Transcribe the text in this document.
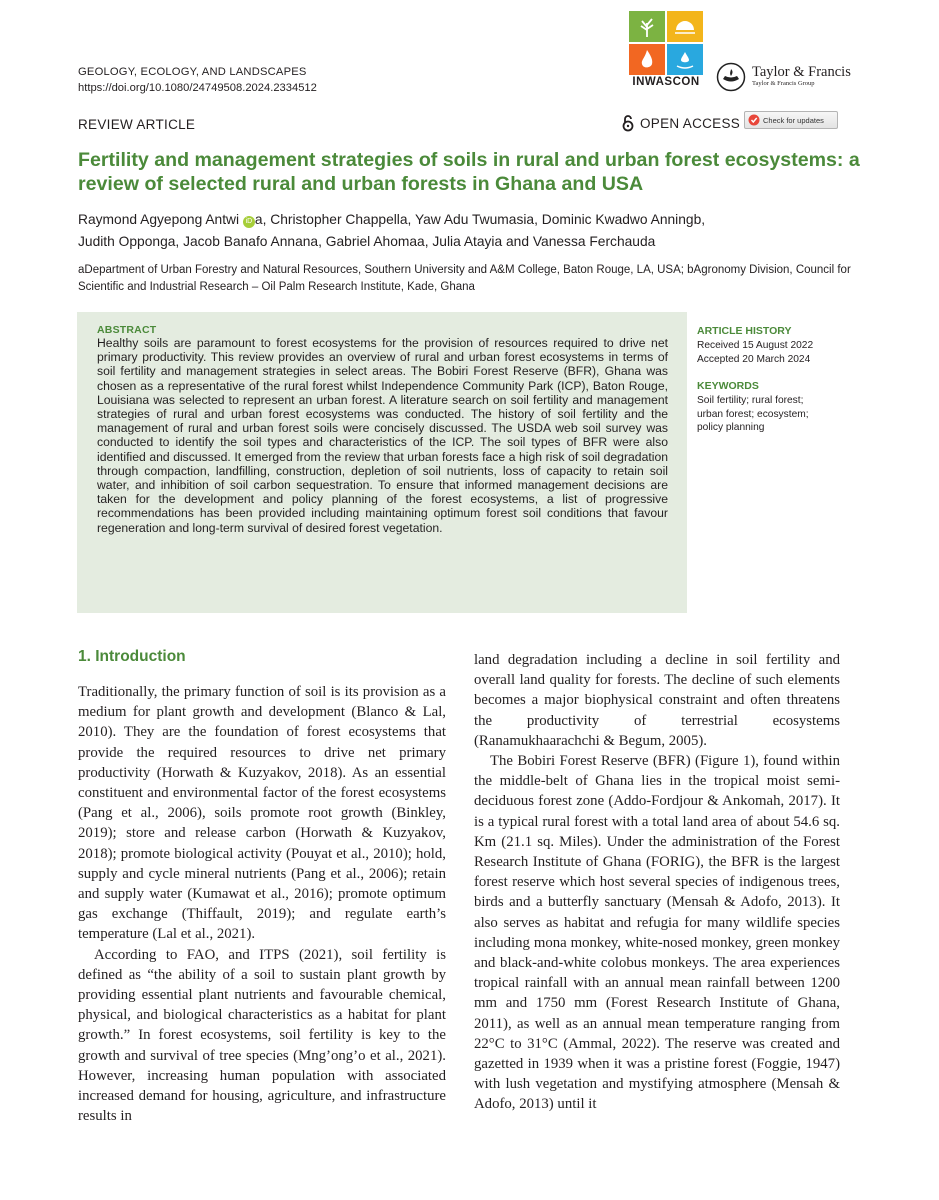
GEOLOGY, ECOLOGY, AND LANDSCAPES
https://doi.org/10.1080/24749508.2024.2334512	INWASCON
Taylor & Francis
Taylor & Francis Group
REVIEW ARTICLE	OPEN ACCESS	Check for updates
Fertility and management strategies of soils in rural and urban forest ecosystems: a review of selected rural and urban forests in Ghana and USA
Raymond Agyepong Antwi iD a, Christopher Chappella, Yaw Adu Twumasia, Dominic Kwadwo Anningb,
Judith Opponga, Jacob Banafo Annana, Gabriel Ahomaa, Julia Atayia and Vanessa Ferchauda
aDepartment of Urban Forestry and Natural Resources, Southern University and A&M College, Baton Rouge, LA, USA; bAgronomy Division, Council for Scientific and Industrial Research – Oil Palm Research Institute, Kade, Ghana
ABSTRACT
Healthy soils are paramount to forest ecosystems for the provision of resources required to drive net primary productivity. This review provides an overview of rural and urban forest ecosystems in terms of soil fertility and management strategies in select areas. The Bobiri Forest Reserve (BFR), Ghana was chosen as a representative of the rural forest whilst Independence Community Park (ICP), Baton Rouge, Louisiana was selected to represent an urban forest. A literature search on soil fertility and management strategies of rural and urban forest ecosystems was conducted. The history of soil fertility and the management of rural and urban forest soils were concisely discussed. The USDA web soil survey was conducted to identify the soil types and characteristics of the ICP. The soil types of BFR were also identified and discussed. It emerged from the review that urban forests face a high risk of soil degradation through compaction, landfilling, construction, depletion of soil nutrients, loss of capacity to retain soil water, and inhibition of soil carbon sequestration. To ensure that informed management decisions are taken for the development and policy planning of the forest ecosystems, a list of progressive recommendations has been provided including maintaining optimum forest soil conditions that favour regeneration and long-term survival of desired forest vegetation.
ARTICLE HISTORY
Received 15 August 2022
Accepted 20 March 2024
KEYWORDS
Soil fertility; rural forest; urban forest; ecosystem; policy planning
1. Introduction

Traditionally, the primary function of soil is its provision as a medium for plant growth and development (Blanco & Lal, 2010). They are the foundation of forest ecosystems that provide the required resources to drive net primary productivity (Horwath & Kuzyakov, 2018). As an essential constituent and environmental factor of the forest ecosystems (Pang et al., 2006), soils promote root growth (Binkley, 2019); store and release carbon (Horwath & Kuzyakov, 2018); promote biological activity (Pouyat et al., 2010); hold, supply and cycle mineral nutrients (Pang et al., 2006); retain and supply water (Kumawat et al., 2016); promote optimum gas exchange (Thiffault, 2019); and regulate earth’s temperature (Lal et al., 2021).

According to FAO, and ITPS (2021), soil fertility is defined as “the ability of a soil to sustain plant growth by providing essential plant nutrients and favourable chemical, physical, and biological characteristics as a habitat for plant growth.” In forest ecosystems, soil fertility is key to the growth and survival of tree species (Mng’ong’o et al., 2021). However, increasing human population with associated increased demand for housing, agriculture, and infrastructure results in

land degradation including a decline in soil fertility and overall land quality for forests. The decline of such elements becomes a major biophysical constraint and often threatens the productivity of terrestrial ecosystems (Ranamukhaarachchi & Begum, 2005).

The Bobiri Forest Reserve (BFR) (Figure 1), found within the middle-belt of Ghana lies in the tropical moist semi-deciduous forest zone (Addo-Fordjour & Ankomah, 2017). It is a typical rural forest with a total land area of about 54.6 sq. Km (21.1 sq. Miles). Under the administration of the Forest Research Institute of Ghana (FORIG), the BFR is the largest forest reserve which host several species of indigenous trees, birds and a butterfly sanctuary (Mensah & Adofo, 2013). It also serves as habitat and refugia for many wildlife species including mona monkey, white-nosed monkey, green monkey and black-and-white colobus monkeys. The area experiences tropical rainfall with an annual mean rainfall between 1200 mm and 1750 mm (Forest Research Institute of Ghana, 2011), as well as an annual mean temperature ranging from 22°C to 31°C (Ammal, 2022). The reserve was created and gazetted in 1939 when it was a pristine forest (Foggie, 1947) with lush vegetation and mystifying atmosphere (Mensah & Adofo, 2013) until it
